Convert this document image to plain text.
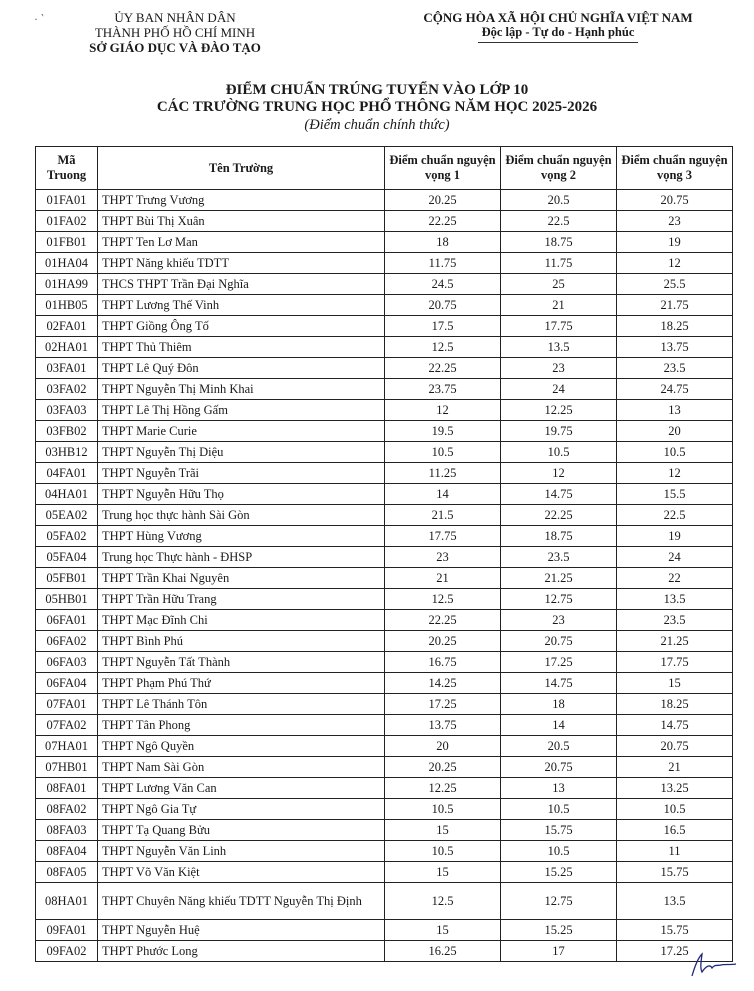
· ‵	ỦY BAN NHÂN DÂN
THÀNH PHỐ HỒ CHÍ MINH
SỞ GIÁO DỤC VÀ ĐÀO TẠO
CỘNG HÒA XÃ HỘI CHỦ NGHĨA VIỆT NAM
Độc lập - Tự do - Hạnh phúc
ĐIỂM CHUẨN TRÚNG TUYỂN VÀO LỚP 10
CÁC TRƯỜNG TRUNG HỌC PHỔ THÔNG NĂM HỌC 2025-2026
(Điểm chuẩn chính thức)
Mã Truong	Tên Trường	Điểm chuẩn nguyện vọng 1	Điểm chuẩn nguyện vọng 2	Điểm chuẩn nguyện vọng 3
01FA01	THPT Trưng Vương	20.25	20.5	20.75
01FA02	THPT Bùi Thị Xuân	22.25	22.5	23
01FB01	THPT Ten Lơ Man	18	18.75	19
01HA04	THPT Năng khiếu TDTT	11.75	11.75	12
01HA99	THCS THPT Trần Đại Nghĩa	24.5	25	25.5
01HB05	THPT Lương Thế Vinh	20.75	21	21.75
02FA01	THPT Giồng Ông Tố	17.5	17.75	18.25
02HA01	THPT Thủ Thiêm	12.5	13.5	13.75
03FA01	THPT Lê Quý Đôn	22.25	23	23.5
03FA02	THPT Nguyễn Thị Minh Khai	23.75	24	24.75
03FA03	THPT Lê Thị Hồng Gấm	12	12.25	13
03FB02	THPT Marie Curie	19.5	19.75	20
03HB12	THPT Nguyễn Thị Diệu	10.5	10.5	10.5
04FA01	THPT Nguyễn Trãi	11.25	12	12
04HA01	THPT Nguyễn Hữu Thọ	14	14.75	15.5
05EA02	Trung học thực hành Sài Gòn	21.5	22.25	22.5
05FA02	THPT Hùng Vương	17.75	18.75	19
05FA04	Trung học Thực hành - ĐHSP	23	23.5	24
05FB01	THPT Trần Khai Nguyên	21	21.25	22
05HB01	THPT Trần Hữu Trang	12.5	12.75	13.5
06FA01	THPT Mạc Đĩnh Chi	22.25	23	23.5
06FA02	THPT Bình Phú	20.25	20.75	21.25
06FA03	THPT Nguyễn Tất Thành	16.75	17.25	17.75
06FA04	THPT Phạm Phú Thứ	14.25	14.75	15
07FA01	THPT Lê Thánh Tôn	17.25	18	18.25
07FA02	THPT Tân Phong	13.75	14	14.75
07HA01	THPT Ngô Quyền	20	20.5	20.75
07HB01	THPT Nam Sài Gòn	20.25	20.75	21
08FA01	THPT Lương Văn Can	12.25	13	13.25
08FA02	THPT Ngô Gia Tự	10.5	10.5	10.5
08FA03	THPT Tạ Quang Bửu	15	15.75	16.5
08FA04	THPT Nguyễn Văn Linh	10.5	10.5	11
08FA05	THPT Võ Văn Kiệt	15	15.25	15.75
08HA01	THPT Chuyên Năng khiếu TDTT Nguyễn Thị Định	12.5	12.75	13.5
09FA01	THPT Nguyễn Huệ	15	15.25	15.75
09FA02	THPT Phước Long	16.25	17	17.25
